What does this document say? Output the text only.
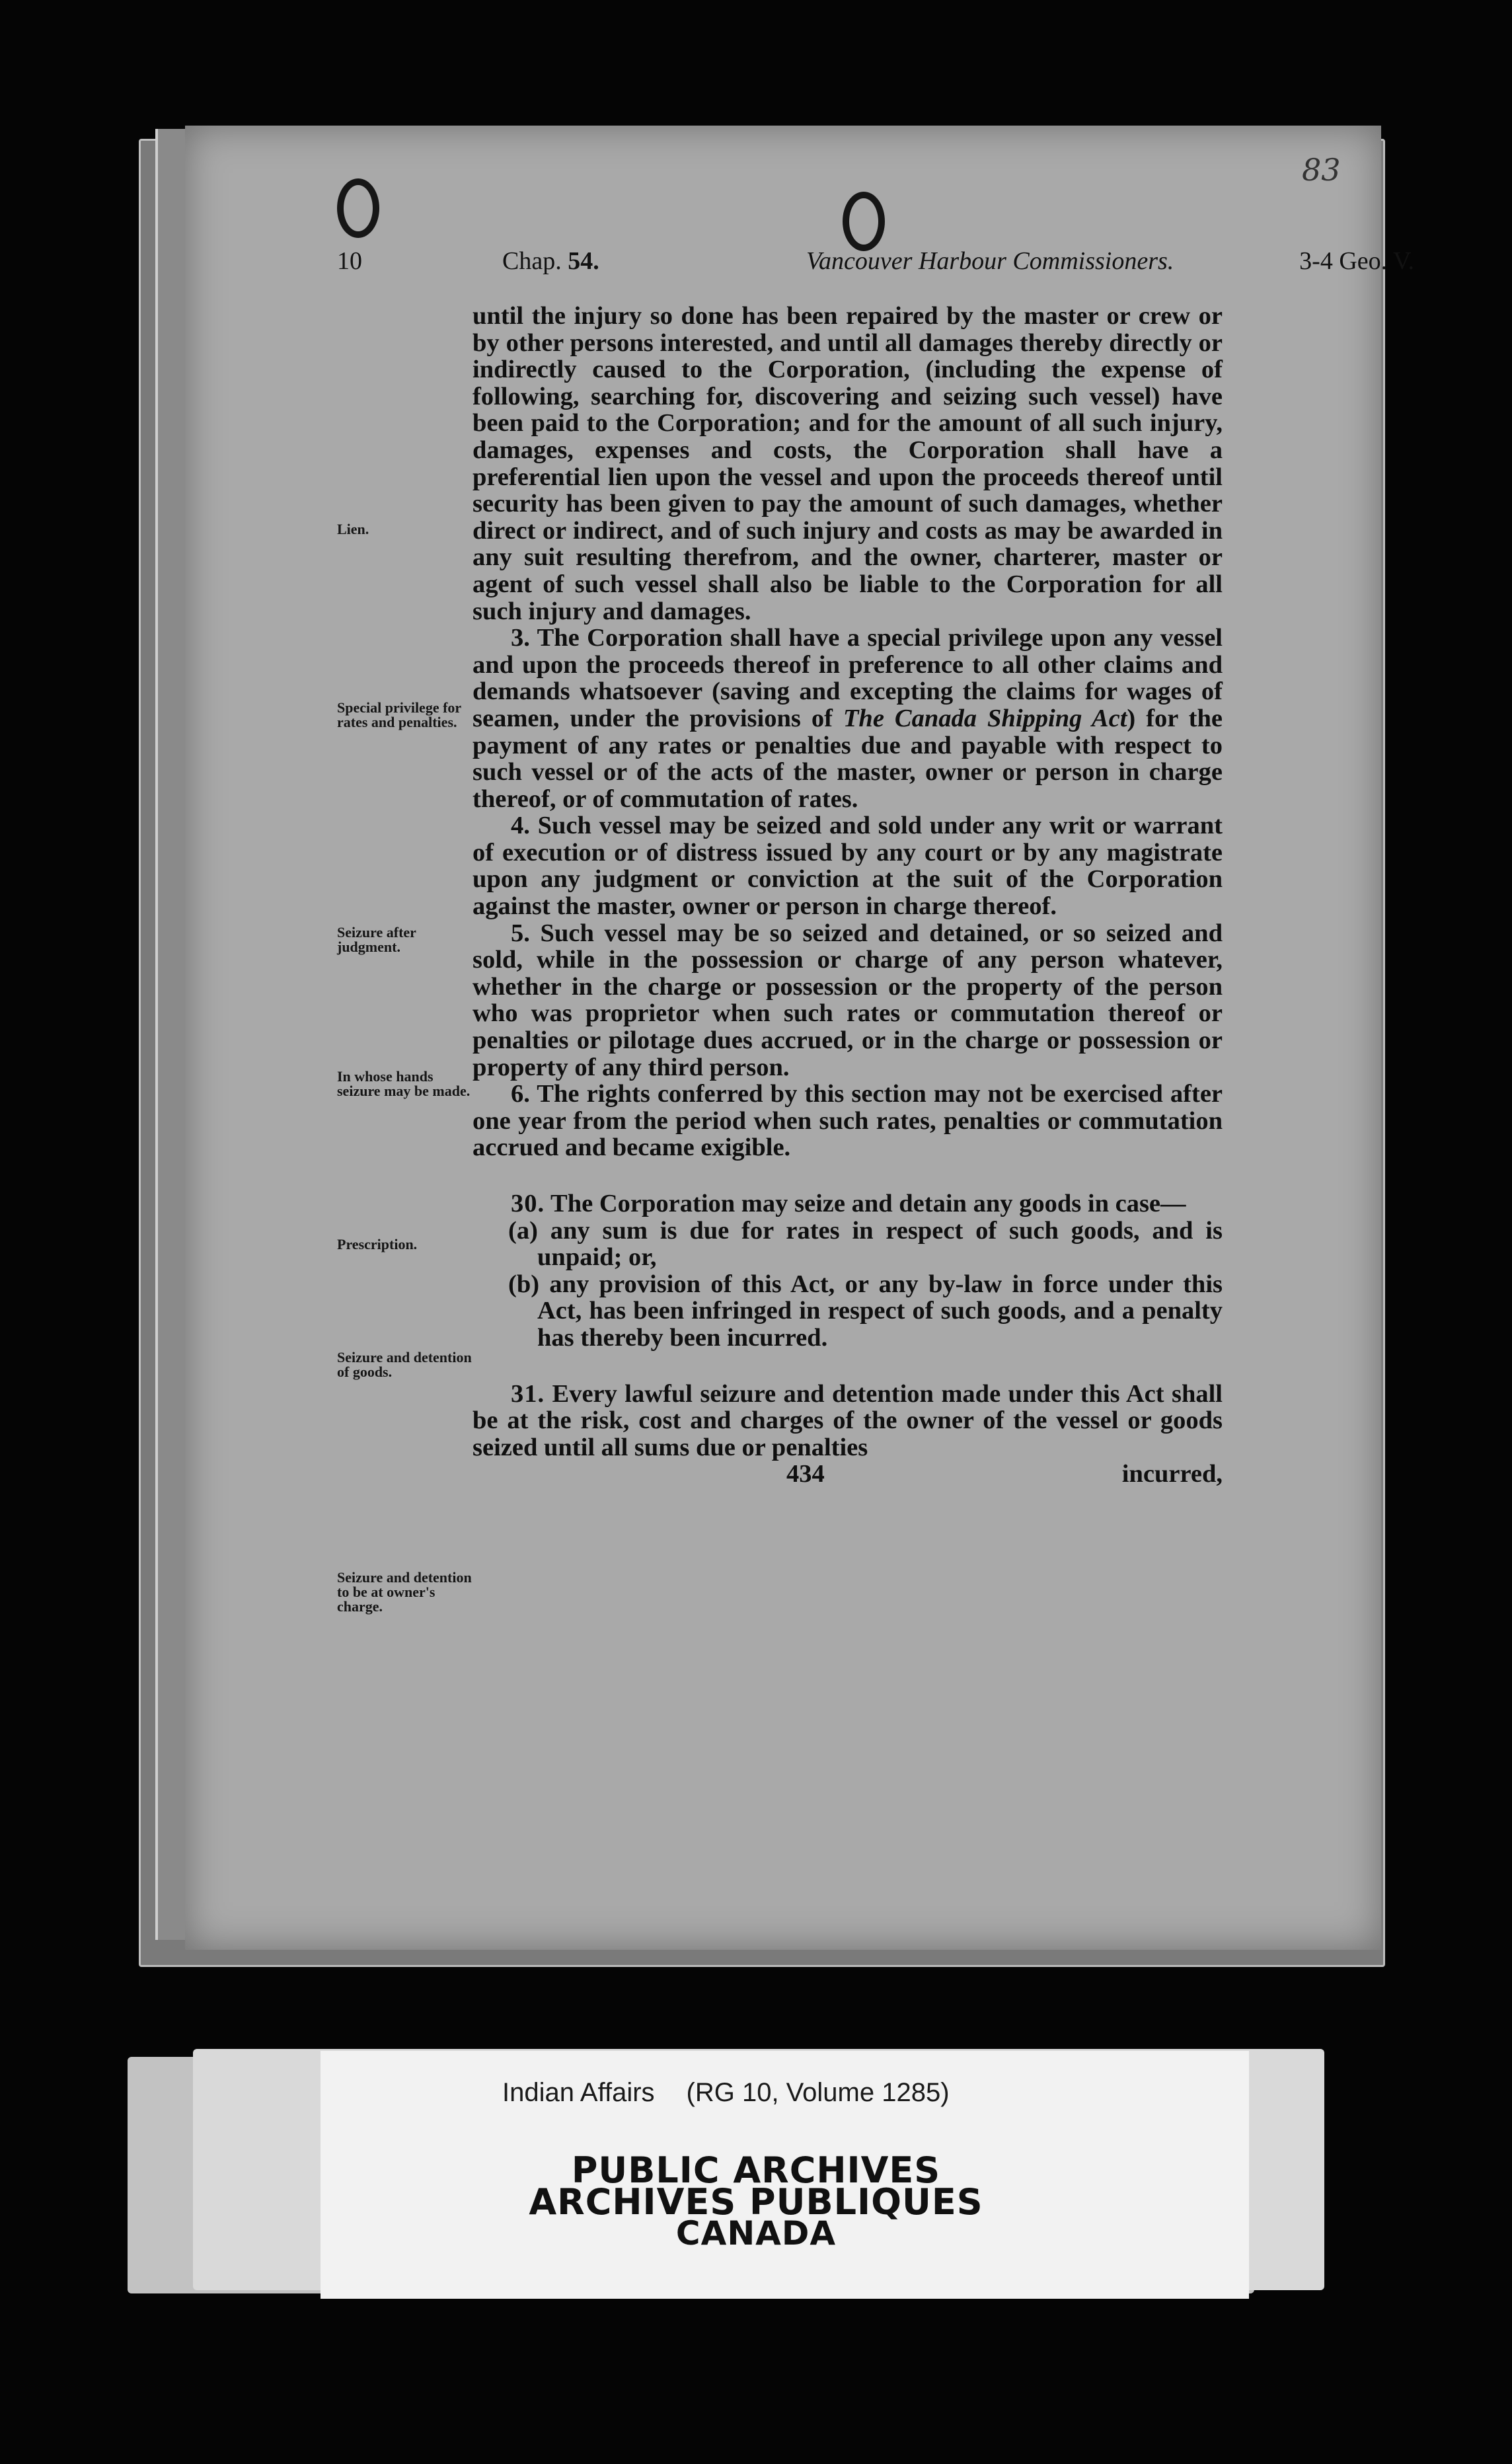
83
10	Chap. 54.	Vancouver Harbour Commissioners.	3-4 Geo. V.
Lien.
Special privilege for rates and penalties.
Seizure after judgment.
In whose hands seizure may be made.
Prescription.
Seizure and detention of goods.
Seizure and detention to be at owner's charge.

until the injury so done has been repaired by the master or crew or by other persons interested, and until all damages thereby directly or indirectly caused to the Corporation, (including the expense of following, searching for, discovering and seizing such vessel) have been paid to the Corporation; and for the amount of all such injury, damages, expenses and costs, the Corporation shall have a preferential lien upon the vessel and upon the proceeds thereof until security has been given to pay the amount of such damages, whether direct or indirect, and of such injury and costs as may be awarded in any suit resulting therefrom, and the owner, charterer, master or agent of such vessel shall also be liable to the Corporation for all such injury and damages.

3. The Corporation shall have a special privilege upon any vessel and upon the proceeds thereof in preference to all other claims and demands whatsoever (saving and excepting the claims for wages of seamen, under the provisions of The Canada Shipping Act) for the payment of any rates or penalties due and payable with respect to such vessel or of the acts of the master, owner or person in charge thereof, or of commutation of rates.

4. Such vessel may be seized and sold under any writ or warrant of execution or of distress issued by any court or by any magistrate upon any judgment or conviction at the suit of the Corporation against the master, owner or person in charge thereof.

5. Such vessel may be so seized and detained, or so seized and sold, while in the possession or charge of any person whatever, whether in the charge or possession or the property of the person who was proprietor when such rates or commutation thereof or penalties or pilotage dues accrued, or in the charge or possession or property of any third person.

6. The rights conferred by this section may not be exercised after one year from the period when such rates, penalties or commutation accrued and became exigible.

30. The Corporation may seize and detain any goods in case—

(a) any sum is due for rates in respect of such goods, and is unpaid; or,

(b) any provision of this Act, or any by-law in force under this Act, has been infringed in respect of such goods, and a penalty has thereby been incurred.

31. Every lawful seizure and detention made under this Act shall be at the risk, cost and charges of the owner of the vessel or goods seized until all sums due or penalties

434	incurred,
Indian Affairs (RG 10, Volume 1285)
PUBLIC ARCHIVES
ARCHIVES PUBLIQUES
CANADA
